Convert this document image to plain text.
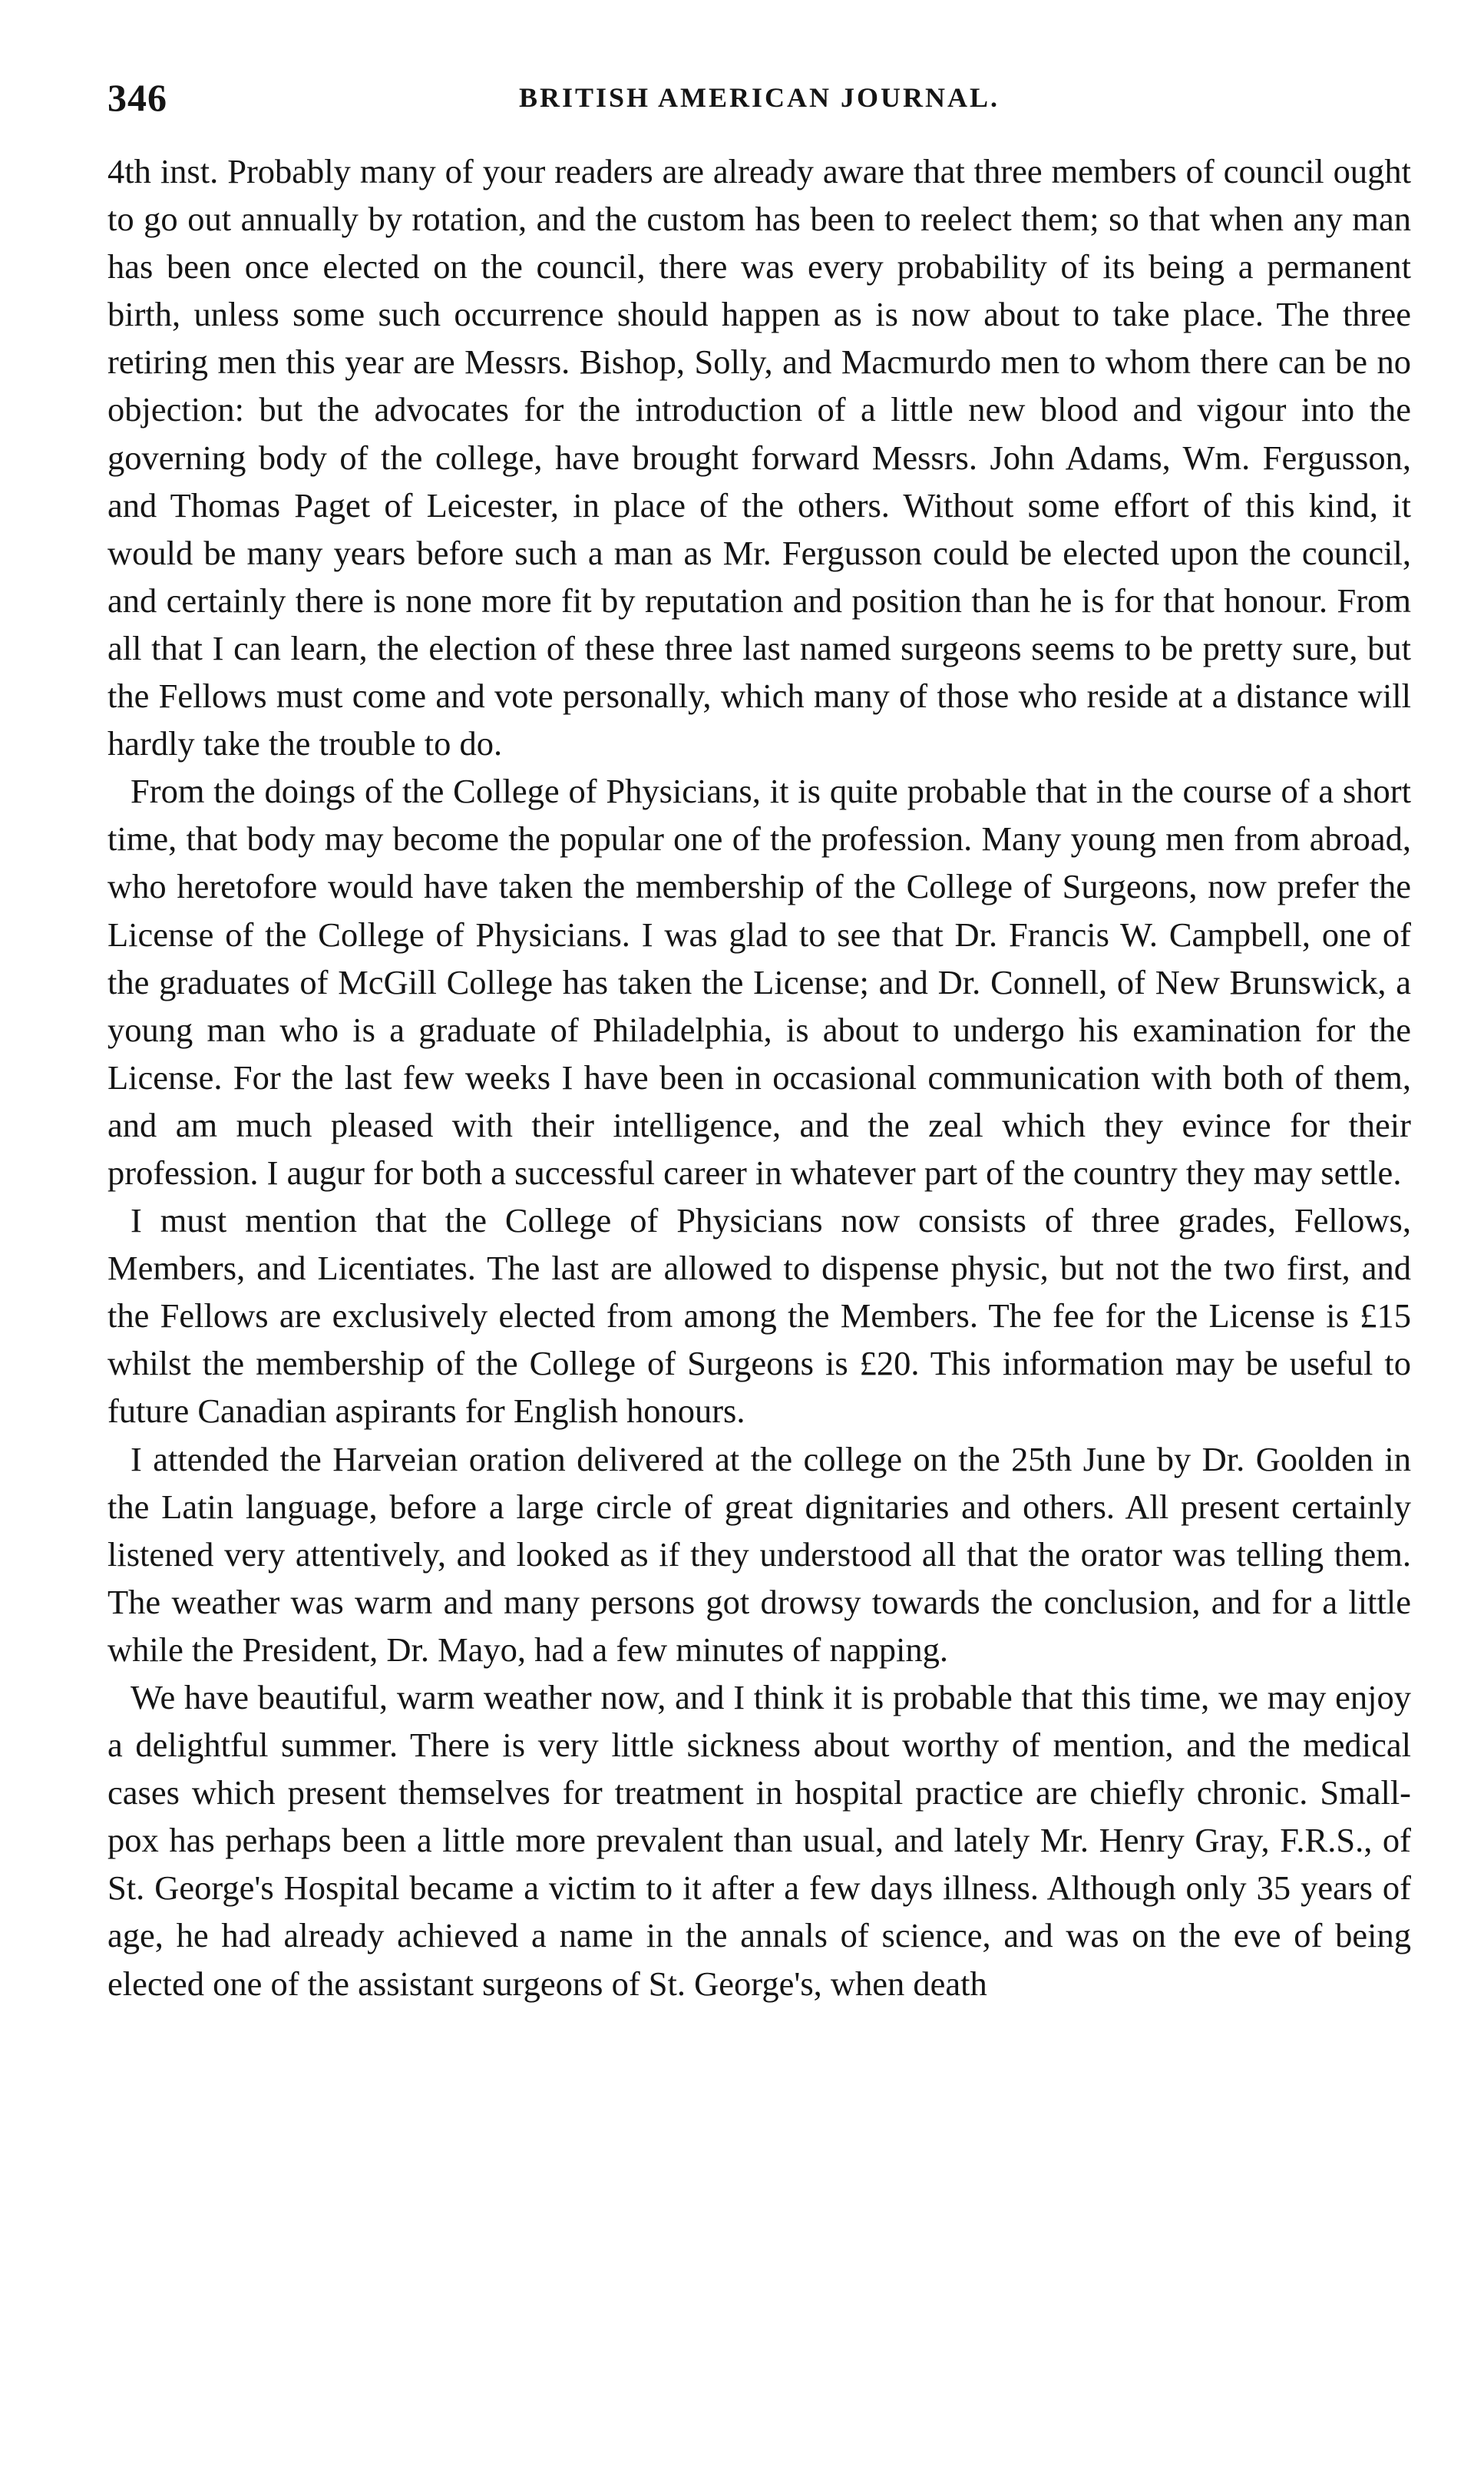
346	BRITISH AMERICAN JOURNAL.

4th inst. Probably many of your readers are already aware that three members of council ought to go out annually by rotation, and the custom has been to reelect them; so that when any man has been once elected on the council, there was every probability of its being a permanent birth, unless some such occurrence should happen as is now about to take place. The three retiring men this year are Messrs. Bishop, Solly, and Macmurdo men to whom there can be no objection: but the advocates for the introduction of a little new blood and vigour into the governing body of the college, have brought forward Messrs. John Adams, Wm. Fergusson, and Thomas Paget of Leicester, in place of the others. Without some effort of this kind, it would be many years before such a man as Mr. Fergusson could be elected upon the council, and certainly there is none more fit by reputation and position than he is for that honour. From all that I can learn, the election of these three last named surgeons seems to be pretty sure, but the Fellows must come and vote personally, which many of those who reside at a distance will hardly take the trouble to do.

From the doings of the College of Physicians, it is quite probable that in the course of a short time, that body may become the popular one of the profession. Many young men from abroad, who heretofore would have taken the membership of the College of Surgeons, now prefer the License of the College of Physicians. I was glad to see that Dr. Francis W. Campbell, one of the graduates of McGill College has taken the License; and Dr. Connell, of New Brunswick, a young man who is a graduate of Philadelphia, is about to undergo his examination for the License. For the last few weeks I have been in occasional communication with both of them, and am much pleased with their intelligence, and the zeal which they evince for their profession. I augur for both a successful career in whatever part of the country they may settle.

I must mention that the College of Physicians now consists of three grades, Fellows, Members, and Licentiates. The last are allowed to dispense physic, but not the two first, and the Fellows are exclusively elected from among the Members. The fee for the License is £15 whilst the membership of the College of Surgeons is £20. This information may be useful to future Canadian aspirants for English honours.

I attended the Harveian oration delivered at the college on the 25th June by Dr. Goolden in the Latin language, before a large circle of great dignitaries and others. All present certainly listened very attentively, and looked as if they understood all that the orator was telling them. The weather was warm and many persons got drowsy towards the conclusion, and for a little while the President, Dr. Mayo, had a few minutes of napping.

We have beautiful, warm weather now, and I think it is probable that this time, we may enjoy a delightful summer. There is very little sickness about worthy of mention, and the medical cases which present themselves for treatment in hospital practice are chiefly chronic. Small-pox has perhaps been a little more prevalent than usual, and lately Mr. Henry Gray, F.R.S., of St. George's Hospital became a victim to it after a few days illness. Although only 35 years of age, he had already achieved a name in the annals of science, and was on the eve of being elected one of the assistant surgeons of St. George's, when death
